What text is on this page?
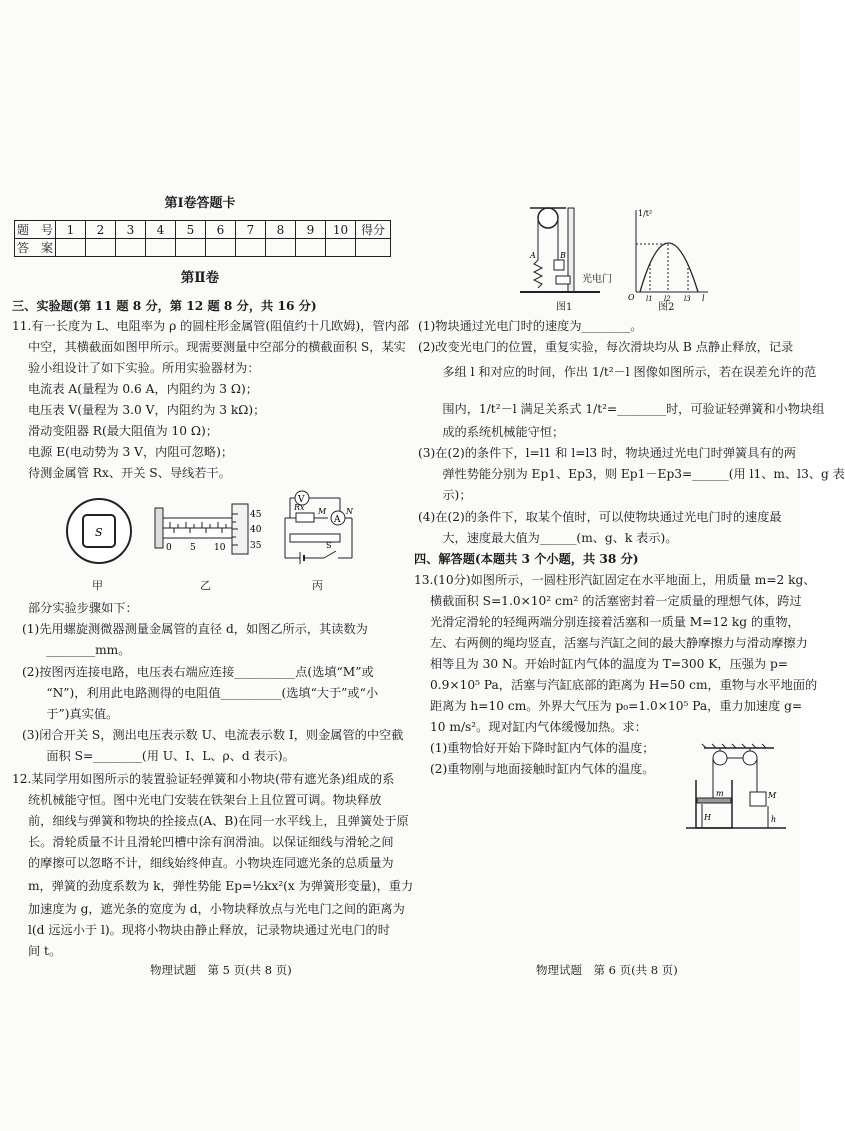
第Ⅰ卷答题卡
题　号	1	2	3	4	5	6	7	8	9	10	得分
答　案											
第Ⅱ卷
三、实验题(第 11 题 8 分，第 12 题 8 分，共 16 分)
11.有一长度为 L、电阻率为 ρ 的圆柱形金属管(阻值约十几欧姆)，管内部
中空，其横截面如图甲所示。现需要测量中空部分的横截面积 S，某实
验小组设计了如下实验。所用实验器材为：
电流表 A(量程为 0.6 A，内阻约为 3 Ω)；
电压表 V(量程为 3.0 V，内阻约为 3 kΩ)；
滑动变阻器 R(最大阻值为 10 Ω)；
电源 E(电动势为 3 V，内阻可忽略)；
待测金属管 Rx、开关 S、导线若干。
S
甲
45
40
35
0 5 10
乙
V
Rx
A
M N
S
丙
部分实验步骤如下：
(1)先用螺旋测微器测量金属管的直径 d，如图乙所示，其读数为
　　________mm。
(2)按图丙连接电路，电压表右端应连接__________点(选填“M”或
　　“N”)，利用此电路测得的电阻值__________(选填“大于”或“小
　　于”)真实值。
(3)闭合开关 S，测出电压表示数 U、电流表示数 I，则金属管的中空截
　　面积 S=________(用 U、I、L、ρ、d 表示)。
12.某同学用如图所示的装置验证轻弹簧和小物块(带有遮光条)组成的系
统机械能守恒。图中光电门安装在铁架台上且位置可调。物块释放
前，细线与弹簧和物块的拴接点(A、B)在同一水平线上，且弹簧处于原
长。滑轮质量不计且滑轮凹槽中涂有润滑油。以保证细线与滑轮之间
的摩擦可以忽略不计，细线始终伸直。小物块连同遮光条的总质量为
m，弹簧的劲度系数为 k，弹性势能 Ep=½kx²(x 为弹簧形变量)，重力
加速度为 g，遮光条的宽度为 d，小物块释放点与光电门之间的距离为
l(d 远远小于 l)。现将小物块由静止释放，记录物块通过光电门的时
间 t。
物理试题　第 5 页(共 8 页)
A	B
光电门
图1
1/t²
O l1 l2 l3 l
图2
(1)物块通过光电门时的速度为________。
(2)改变光电门的位置，重复实验，每次滑块均从 B 点静止释放，记录
　　多组 l 和对应的时间，作出 1/t²－l 图像如图所示，若在误差允许的范
　　围内，1/t²－l 满足关系式 1/t²=________时，可验证轻弹簧和小物块组
　　成的系统机械能守恒；
(3)在(2)的条件下，l=l1 和 l=l3 时，物块通过光电门时弹簧具有的两
　　弹性势能分别为 Ep1、Ep3，则 Ep1－Ep3=______(用 l1、m、l3、g 表
　　示)；
(4)在(2)的条件下，取某个值时，可以使物块通过光电门时的速度最
　　大，速度最大值为______(m、g、k 表示)。
四、解答题(本题共 3 个小题，共 38 分)
13.(10分)如图所示，一圆柱形汽缸固定在水平地面上，用质量 m=2 kg、
横截面积 S=1.0×10² cm² 的活塞密封着一定质量的理想气体，跨过
光滑定滑轮的轻绳两端分别连接着活塞和一质量 M=12 kg 的重物，
左、右两侧的绳均竖直，活塞与汽缸之间的最大静摩擦力与滑动摩擦力
相等且为 30 N。开始时缸内气体的温度为 T=300 K，压强为 p=
0.9×10⁵ Pa，活塞与汽缸底部的距离为 H=50 cm，重物与水平地面的
距离为 h=10 cm。外界大气压为 p₀=1.0×10⁵ Pa，重力加速度 g=
10 m/s²。现对缸内气体缓慢加热。求：
(1)重物恰好开始下降时缸内气体的温度；
(2)重物刚与地面接触时缸内气体的温度。
m
H
M
h
物理试题　第 6 页(共 8 页)
